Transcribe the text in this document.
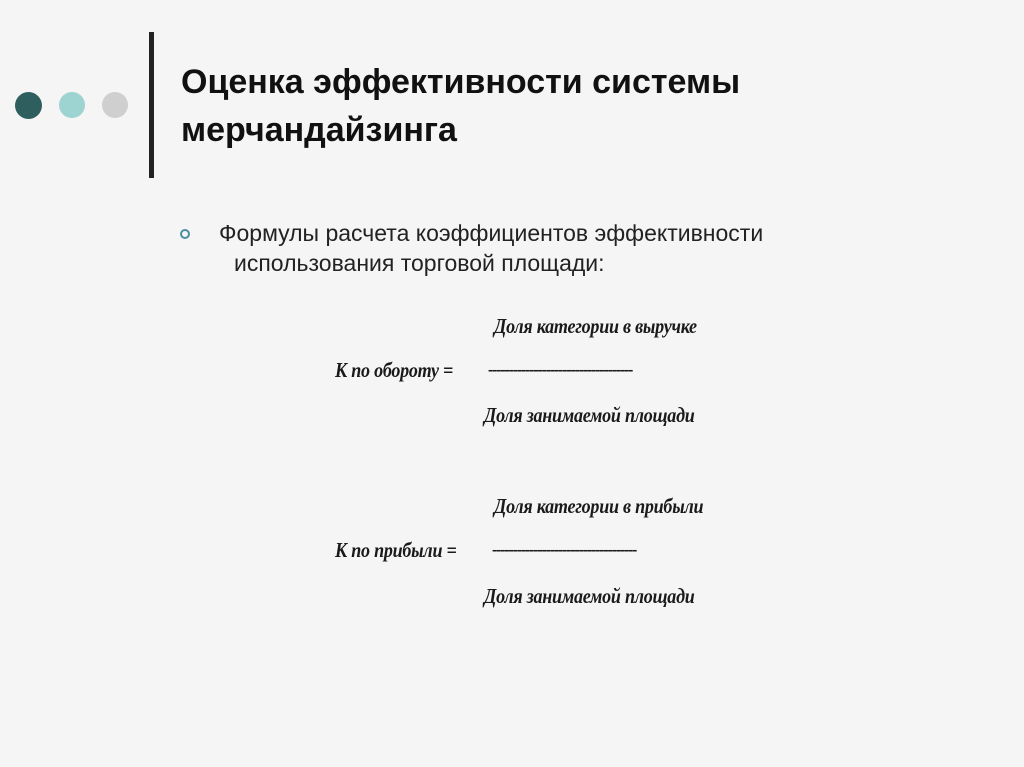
Оценка эффективности системы
мерчандайзинга
Формулы расчета коэффициентов эффективности
использования торговой площади:
Доля категории в выручке
К по обороту = -----------------------------------
Доля занимаемой площади
Доля категории в прибыли
К по прибыли = -----------------------------------
Доля занимаемой площади
